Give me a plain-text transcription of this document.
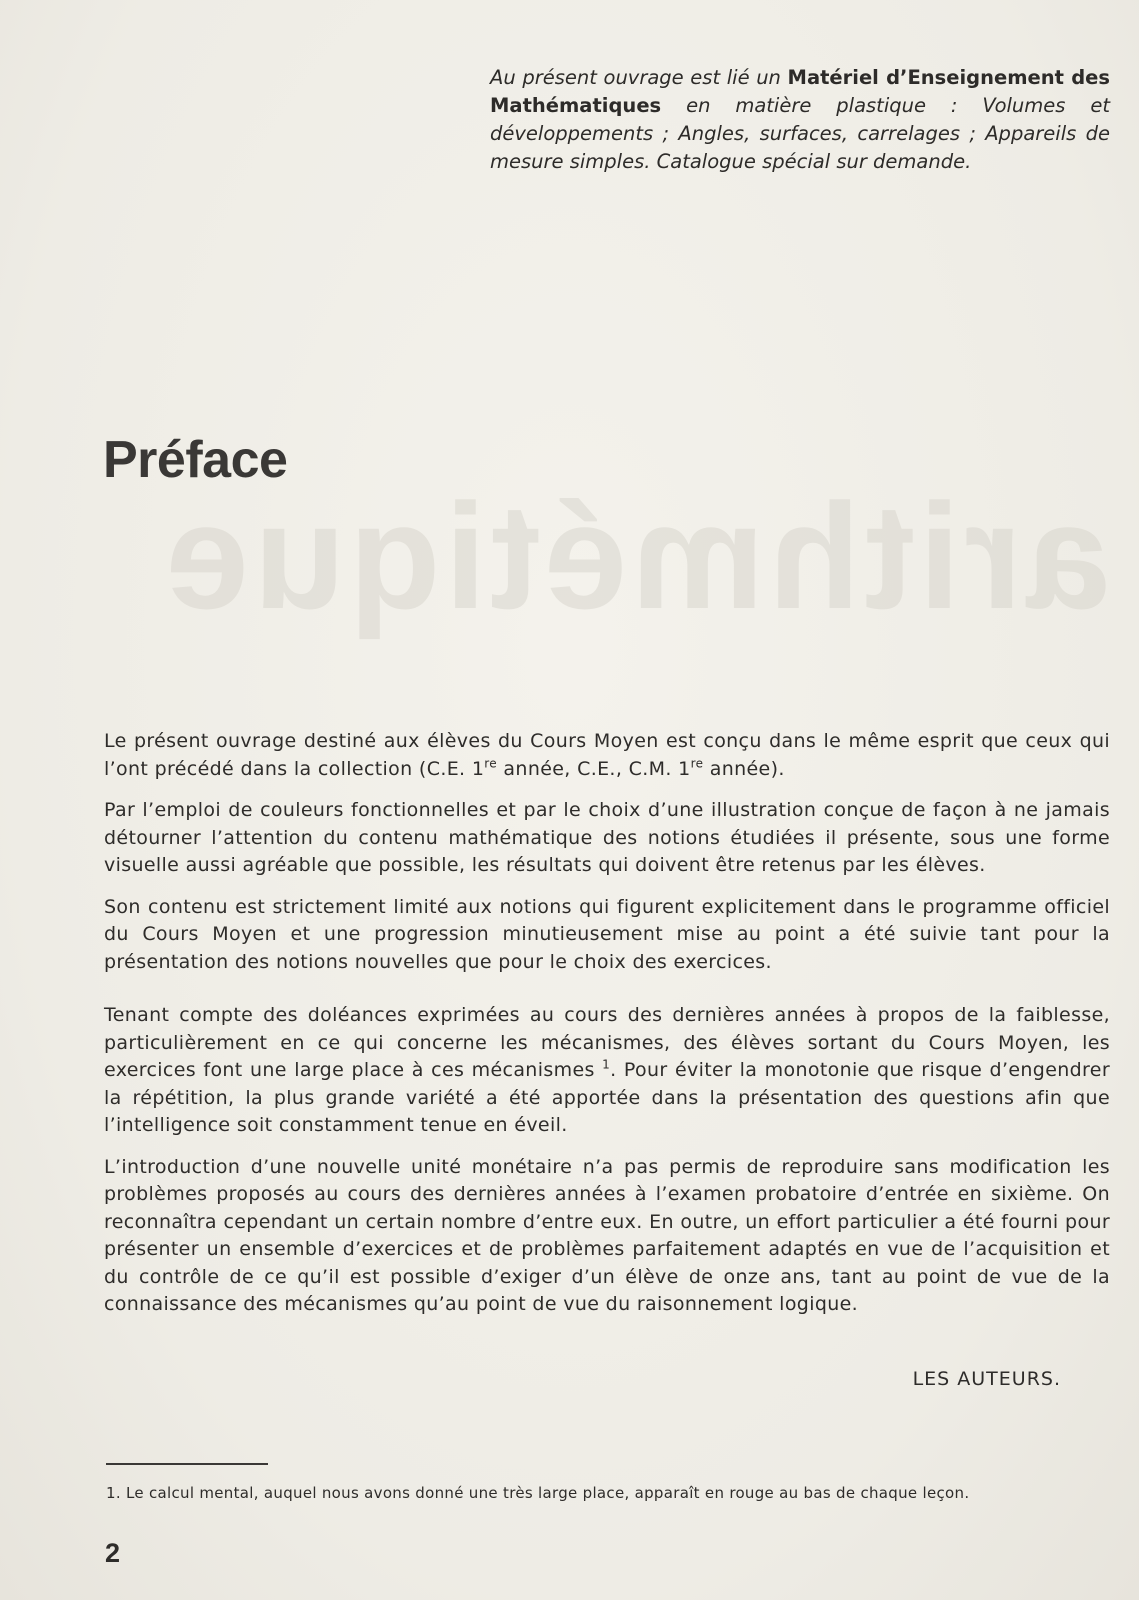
arithmétique
Au présent ouvrage est lié un Matériel d’Enseignement des Mathématiques en matière plastique : Volumes et développements ; Angles, surfaces, carrelages ; Appareils de mesure simples. Catalogue spécial sur demande.
Préface

Le présent ouvrage destiné aux élèves du Cours Moyen est conçu dans le même esprit que ceux qui l’ont précédé dans la collection (C.E. 1re année, C.E., C.M. 1re année).

Par l’emploi de couleurs fonctionnelles et par le choix d’une illustration conçue de façon à ne jamais détourner l’attention du contenu mathématique des notions étudiées il présente, sous une forme visuelle aussi agréable que possible, les résultats qui doivent être retenus par les élèves.

Son contenu est strictement limité aux notions qui figurent explicitement dans le programme officiel du Cours Moyen et une progression minutieusement mise au point a été suivie tant pour la présentation des notions nouvelles que pour le choix des exercices.

Tenant compte des doléances exprimées au cours des dernières années à propos de la faiblesse, particulièrement en ce qui concerne les mécanismes, des élèves sortant du Cours Moyen, les exercices font une large place à ces mécanismes $^1$. Pour éviter la monotonie que risque d’engendrer la répétition, la plus grande variété a été apportée dans la présentation des questions afin que l’intelligence soit constamment tenue en éveil.

L’introduction d’une nouvelle unité monétaire n’a pas permis de reproduire sans modification les problèmes proposés au cours des dernières années à l’examen probatoire d’entrée en sixième. On reconnaîtra cependant un certain nombre d’entre eux. En outre, un effort particulier a été fourni pour présenter un ensemble d’exercices et de problèmes parfaitement adaptés en vue de l’acquisition et du contrôle de ce qu’il est possible d’exiger d’un élève de onze ans, tant au point de vue de la connaissance des mécanismes qu’au point de vue du raisonnement logique.

LES AUTEURS.
1. Le calcul mental, auquel nous avons donné une très large place, apparaît en rouge au bas de chaque leçon.
2
